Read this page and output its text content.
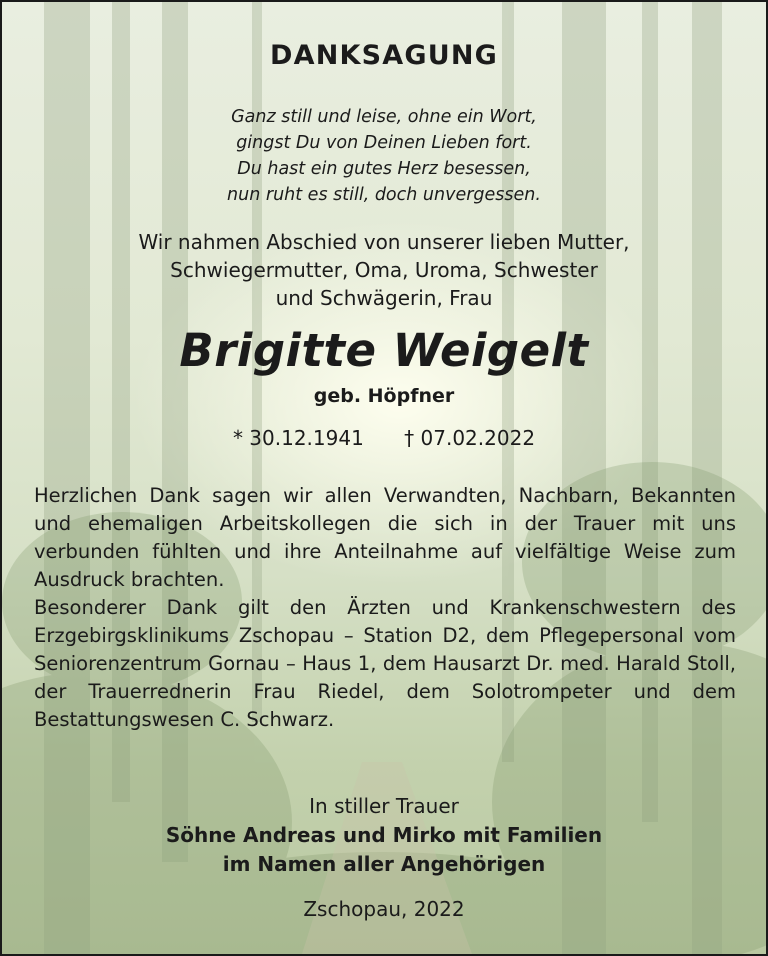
DANKSAGUNG
Ganz still und leise, ohne ein Wort,
gingst Du von Deinen Lieben fort.
Du hast ein gutes Herz besessen,
nun ruht es still, doch unvergessen.
Wir nahmen Abschied von unserer lieben Mutter,
Schwiegermutter, Oma, Uroma, Schwester
und Schwägerin, Frau
Brigitte Weigelt
geb. Höpfner
* 30.12.1941 † 07.02.2022

Herzlichen Dank sagen wir allen Verwandten, Nachbarn, Bekannten und ehemaligen Arbeitskollegen die sich in der Trauer mit uns verbunden fühlten und ihre Anteilnahme auf vielfältige Weise zum Ausdruck brachten.

Besonderer Dank gilt den Ärzten und Krankenschwestern des Erzgebirgsklinikums Zschopau – Station D2, dem Pflegepersonal vom Seniorenzentrum Gornau – Haus 1, dem Hausarzt Dr. med. Harald Stoll, der Trauerrednerin Frau Riedel, dem Solotrompeter und dem Bestattungswesen C. Schwarz.

In stiller Trauer
Söhne Andreas und Mirko mit Familien
im Namen aller Angehörigen
Zschopau, 2022
